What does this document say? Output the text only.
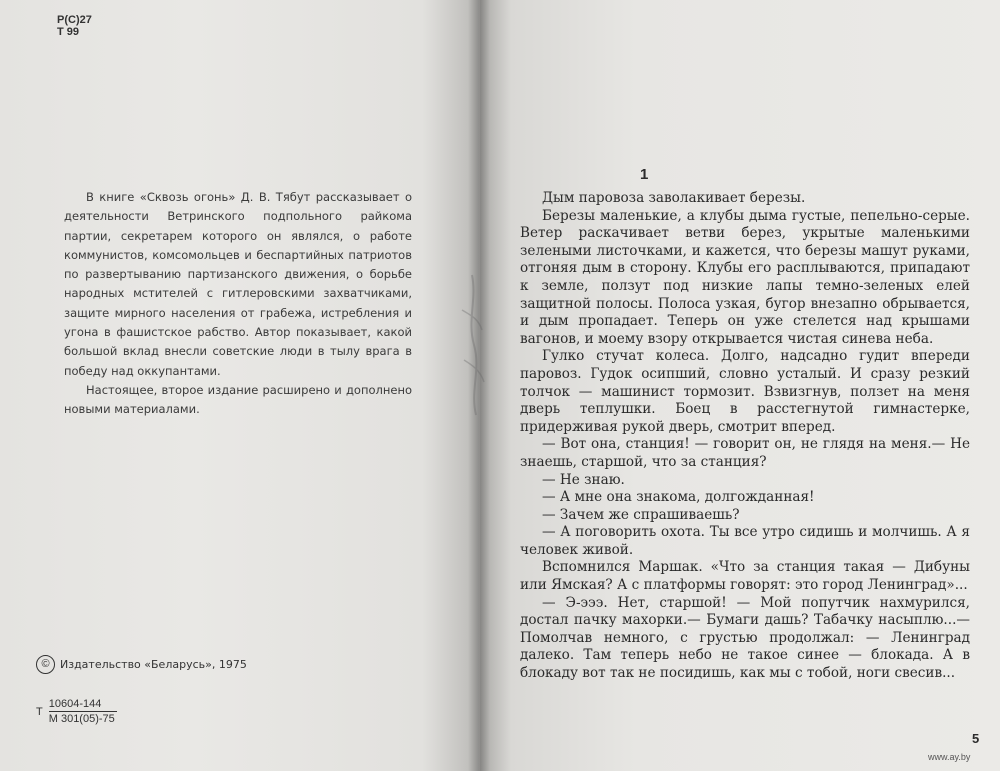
Р(С)27
Т 99

В книге «Сквозь огонь» Д. В. Тябут рассказывает о деятельности Ветринского подпольного райкома партии, секретарем которого он являлся, о работе коммунистов, комсомольцев и беспартийных патриотов по развертыванию партизанского движения, о борьбе народных мстителей с гитлеровскими захватчиками, защите мирного населения от грабежа, истребления и угона в фашистское рабство. Автор показывает, какой большой вклад внесли советские люди в тылу врага в победу над оккупантами.

Настоящее, второе издание расширено и дополнено новыми материалами.

© Издательство «Беларусь», 1975
Т $\frac{10604-144}{М 301(05)-75}$
1

Дым паровоза заволакивает березы.

Березы маленькие, а клубы дыма густые, пепельно-серые. Ветер раскачивает ветви берез, укрытые маленькими зелеными листочками, и кажется, что березы машут руками, отгоняя дым в сторону. Клубы его расплываются, припадают к земле, ползут под низкие лапы темно-зеленых елей защитной полосы. Полоса узкая, бугор внезапно обрывается, и дым пропадает. Теперь он уже стелется над крышами вагонов, и моему взору открывается чистая синева неба.

Гулко стучат колеса. Долго, надсадно гудит впереди паровоз. Гудок осипший, словно усталый. И сразу резкий толчок — машинист тормозит. Взвизгнув, ползет на меня дверь теплушки. Боец в расстегнутой гимнастерке, придерживая рукой дверь, смотрит вперед.

— Вот она, станция! — говорит он, не глядя на меня.— Не знаешь, старшой, что за станция?

— Не знаю.

— А мне она знакома, долгожданная!

— Зачем же спрашиваешь?

— А поговорить охота. Ты все утро сидишь и молчишь. А я человек живой.

Вспомнился Маршак. «Что за станция такая — Дибуны или Ямская? А с платформы говорят: это город Ленинград»...

— Э-эээ. Нет, старшой! — Мой попутчик нахмурился, достал пачку махорки.— Бумаги дашь? Табачку насыплю...— Помолчав немного, с грустью продолжал: — Ленинград далеко. Там теперь небо не такое синее — блокада. А в блокаду вот так не посидишь, как мы с тобой, ноги свесив...

5
www.ay.by
